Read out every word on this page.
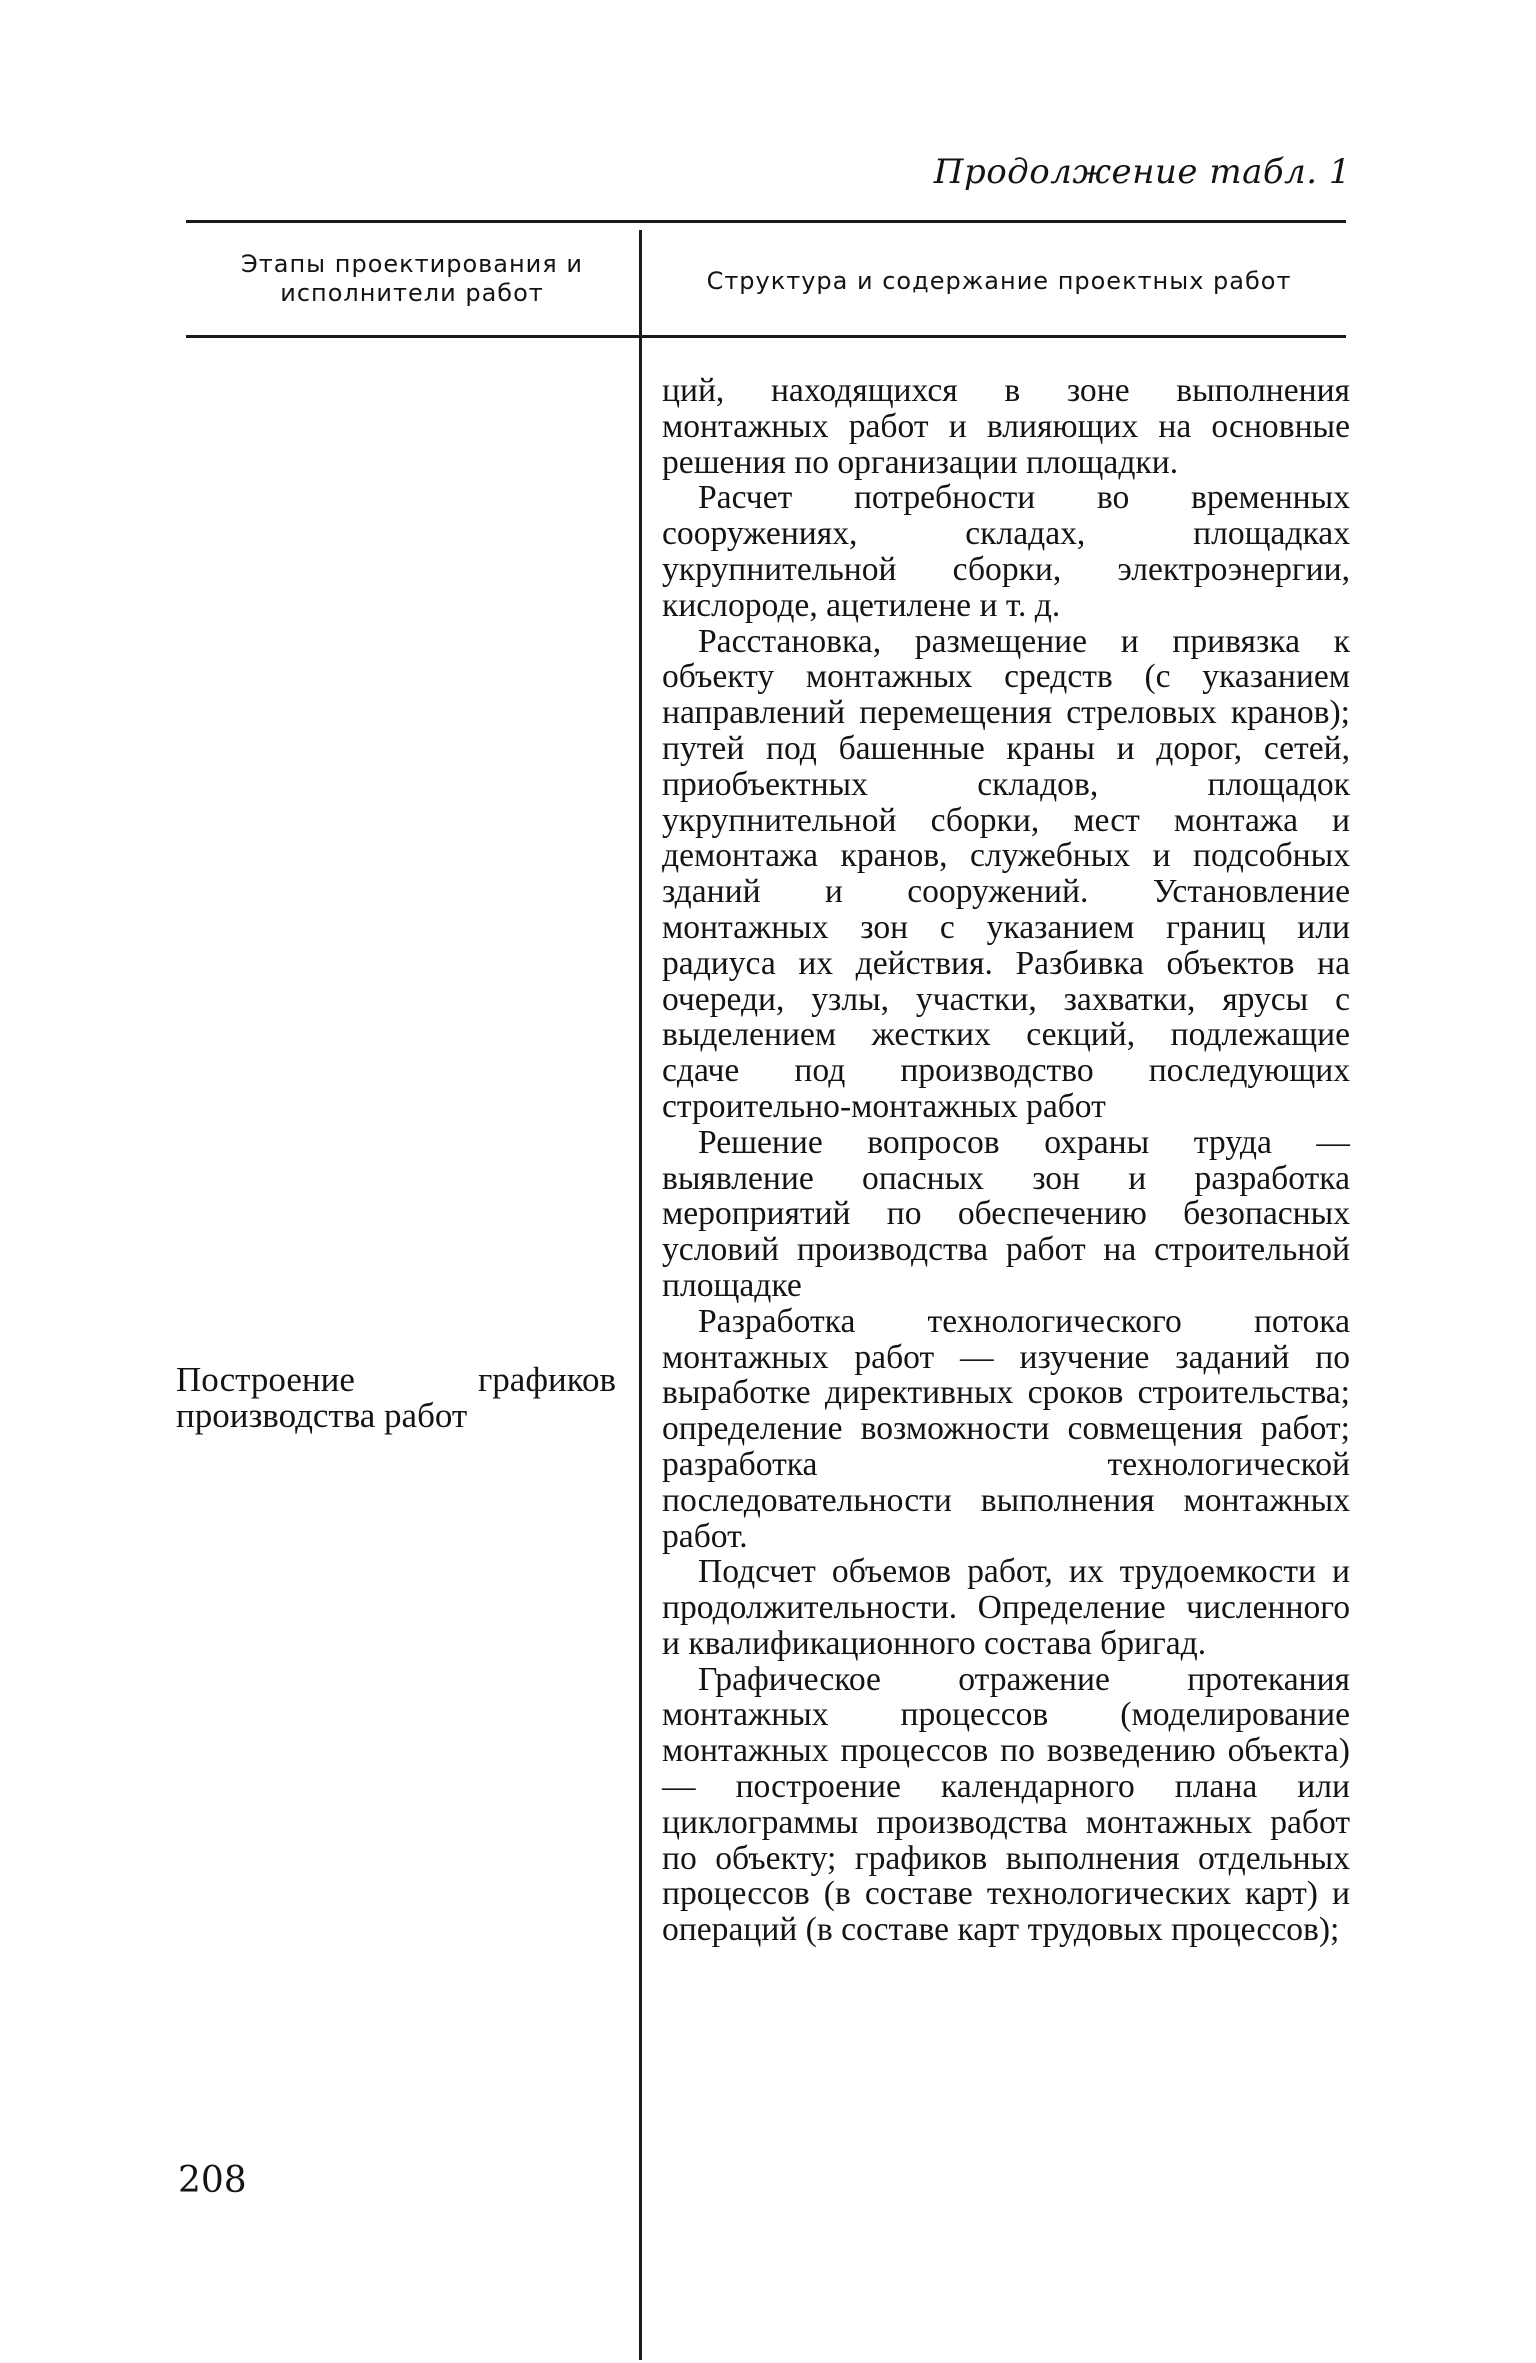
Продолжение табл. 1
Этапы проектирования и исполнители работ	Структура и содержание проектных работ
Построение графиков производства работ

ций, находящихся в зоне выполнения монтажных работ и влияющих на основные решения по организации площадки.

Расчет потребности во временных сооружениях, складах, площадках укрупнительной сборки, электроэнергии, кислороде, ацетилене и т. д.

Расстановка, размещение и привязка к объекту монтажных средств (с указанием направлений перемещения стреловых кранов); путей под башенные краны и дорог, сетей, приобъектных складов, площадок укрупнительной сборки, мест монтажа и демонтажа кранов, служебных и подсобных зданий и сооружений. Установление монтажных зон с указанием границ или радиуса их действия. Разбивка объектов на очереди, узлы, участки, захватки, ярусы с выделением жестких секций, подлежащие сдаче под производство последующих строительно-монтажных работ

Решение вопросов охраны труда — выявление опасных зон и разработка мероприятий по обеспечению безопасных условий производства работ на строительной площадке

Разработка технологического потока монтажных работ — изучение заданий по выработке директивных сроков строительства; определение возможности совмещения работ; разработка технологической последовательности выполнения монтажных работ.

Подсчет объемов работ, их трудоемкости и продолжительности. Определение численного и квалификационного состава бригад.

Графическое отражение протекания монтажных процессов (моделирование монтажных процессов по возведению объекта) — построение календарного плана или циклограммы производства монтажных работ по объекту; графиков выполнения отдельных процессов (в составе технологических карт) и операций (в составе карт трудовых процессов);

208
